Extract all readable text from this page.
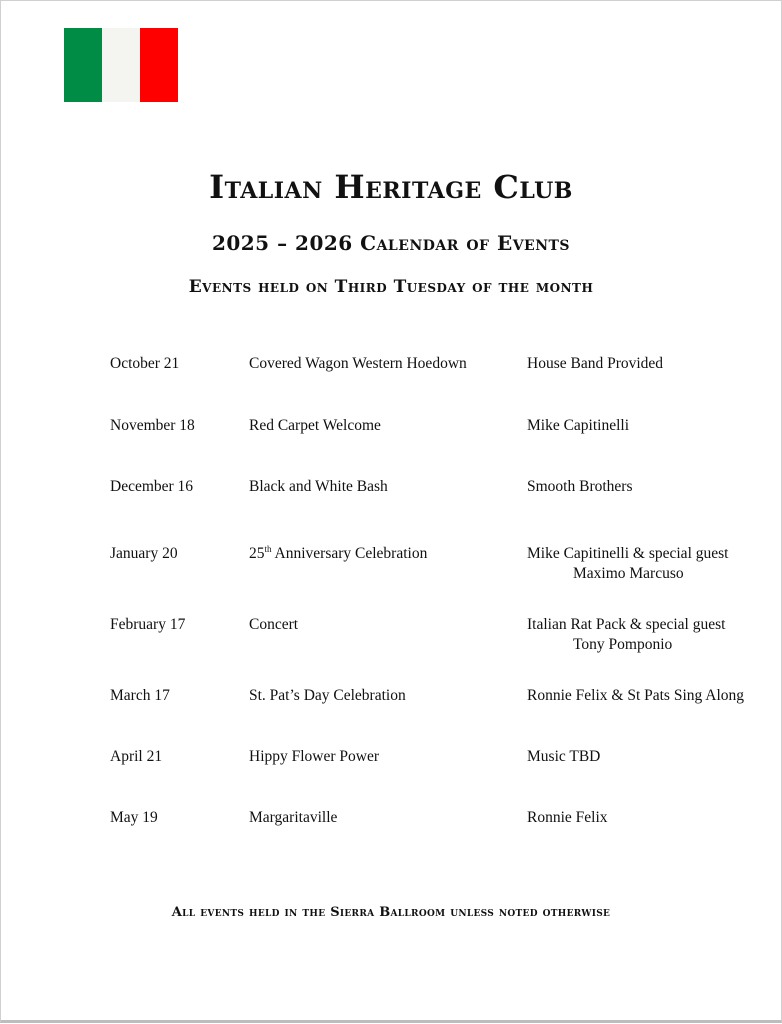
Italian Heritage Club
2025 – 2026 Calendar of Events
Events held on Third Tuesday of the month
October 21	Covered Wagon Western Hoedown	House Band Provided
November 18	Red Carpet Welcome	Mike Capitinelli
December 16	Black and White Bash	Smooth Brothers
January 20	25th Anniversary Celebration	Mike Capitinelli & special guest
Maximo Marcuso
February 17	Concert	Italian Rat Pack & special guest
Tony Pomponio
March 17	St. Pat’s Day Celebration	Ronnie Felix & St Pats Sing Along
April 21	Hippy Flower Power	Music TBD
May 19	Margaritaville	Ronnie Felix
All events held in the Sierra Ballroom unless noted otherwise
